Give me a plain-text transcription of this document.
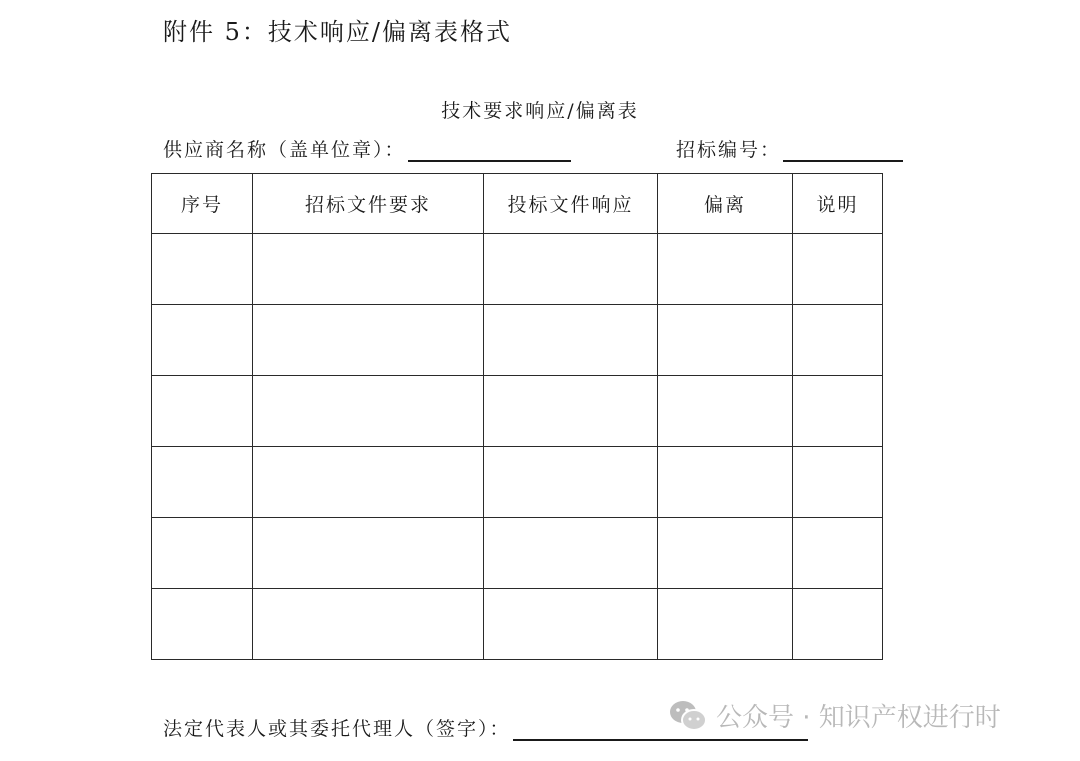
附件 5：技术响应/偏离表格式
技术要求响应/偏离表
供应商名称（盖单位章）：	招标编号：
序号	招标文件要求	投标文件响应	偏离	说明

法定代表人或其委托代理人（签字）：	公众号 · 知识产权进行时
